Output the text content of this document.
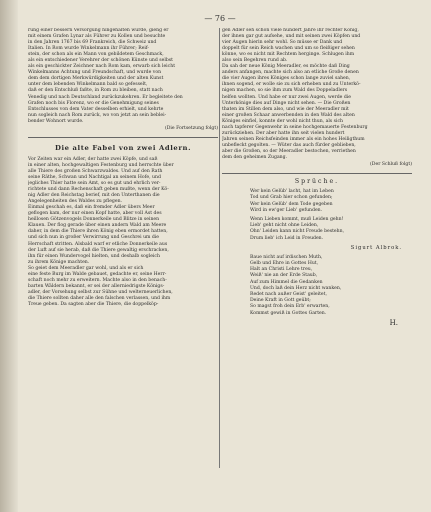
— 76 —
rung einer bessern Versorgung hingehalten wurde, gieng er
mit einem Grafen Lynar als Führer zu Kollen und besuchte
in den Jahren 1767 bis 69 Frankreich, die Schweiz und
Italien. In Rom wurde Winkelmann ihr Führer; Reif-
stein, der schon als ein Mann von gebildetem Geschmack,
als ein entschiedener Verehrer der schönen Künste und selbst
als ein geschickter Zeichner nach Rom kam, erwarb sich leicht
Winkelmanns Achtung und Freundschaft, und wurde von
dem dem dortigen Merkwürdigkeiten und der alten Kunst
unter dem lebenden Winkelmann bald so gefesselt,
daß er den Entschluß faßte, in Rom zu bleiben, statt nach
Venedig und nach Deutschland zurückzukehren. Er begleitete den
Grafen noch bis Florenz, wo er die Genehmigung seines
Entschlusses von dem Vater desselben erhielt, und kehrte
nun sogleich nach Rom zurück, wo von jetzt an sein beblei-
bender Wohnort wurde.
(Die Fortsetzung folgt)
Die alte Fabel von zwei Adlern.
Vor Zeiten war ein Adler, der hatte zwei Köpfe, und saß
in einer alten, hochgewaltigen Festenburg und herrschte über
alle Thiere des großen Schwarzwaldes. Und auf den Rath
seine Räthe, Schwan und Nachtigal an seinem Hofe, und
jegliches Thier hatte sein Amt, so es gut und ehrlich ver-
richtete und dann Rechenschaft geben mußte, wenn der Kö-
nig Adler den Reichstag berief, mit den Unterthanen die
Angelegenheiten des Waldes zu pflegen.
Einmal geschah es, daß ein fremder Adler übers Meer
geflogen kam, der nur einen Kopf hatte, aber voll Ast des
heillosen Götzenvogels Donnerkeile und Blitze in seinen
Klauen. Der flog gerade über einen andern Wald am Meere
daher, in dem die Thiere ihren König eben ermordet hatten,
und sich nun in großer Verwirrung und Geschrei um die
Herrschaft stritten. Alsbald warf er etliche Donnerkeile aus
der Luft auf sie herab, daß die Thiere gewaltig erschracken,
ihn für einen Wundervogel hielten, und deshalb sogleich
zu ihrem Könige machten.
So geiet dem Meeradler gar wohl, und als er sich
eine feste Burg im Walde gebauet, gedachte er, seine Herr-
schaft noch mehr zu erweitern. Machte also in den benach-
barten Wäldern bekannt, er sei der allerniedrigste Königs-
adler, der Vorsehung selbst zur Sühne und welterneuerlichen,
die Thiere sollten daher alle den falschen verlassen, und ihm
Treue geben. Da sagten aber die Thiere, die doppelköp-
gen Adler seh schon viele hundert Jahre ihr rechter König,
der ihnen gar gut aufsehe, und mit seinen zwei Köpfen und
vier Augen hierin sehr wohl. So müsse er Dank und
doppelt für sein Reich wachen und um so fleißiger sehen
könne, wo es nicht mit Rechtem herginge. Schlugen ihm
also sein Begehren rund ab.
Da sah der neue König Meeradler, es möchte daß Ding
anders anfangen, machte sich also an etliche Große denen
die vier Augen ihres Königes schon lange zuviel sahen,
ihnen sogend, er wolle sie zu sich erheben und zu Unterkö-
nigen machen, so sie ihm zum Wald des Doppeladlers
helfen wollten. Und habe er nur zwei Augen, werde die
Unterkönige dies auf Dinge nicht sehen. — Die Großen
thaten im Stillen dem also, und wie der Meeradler mit
einer großen Schaar anwerbenden in den Wald des alten
Königes einfiel, konnte der wohl nicht thun, als sich
nach tapferer Gegenwehr in seine hochgemauerte Festenburg
zurückziehen. Der aber hatte ihn seit vielen hundert
Jahren seinen Reichsfeinden immer als ein hohes Heiligthum
unbefleckt gegolten. — Wüter das auch fürder geblieben,
aber die Großen, so der Meeradler bestochen, verriethen
dem den geheimen Zugang.
(Der Schluß folgt)
Sprüche.
Wer kein Gelüb' lacht, hat im Leben
Tod und Grab hier schon gefunden;
Wer kein Gelüb' dem Tode gegeben
Wird in ew'ger Lieb' gefunden.
Wenn Lieben kommt, muß Leiden gehn!
Lieb' geht nicht ohne Leiden,
Ohn' Leiden kann nicht Freude bestehn,
Drum lieb' ich Leid in Freuden.
Sigurt Albrok.
Baue nicht auf irdischen Muth,
Gelb und Ehre in Gottes Hut,
Halt an Christi Lehre treu,
Weiß' nie an der Erde Staub,
Auf zum Himmel die Gedanken
Und, doch laß dein Herz nicht wanken,
Redet nach außer Geist' geleitet,
Deine Kraft in Gott geübt;
So magst froh dein Erb' erwarten,
Kommst gewiß in Gottes Garten.
H.
